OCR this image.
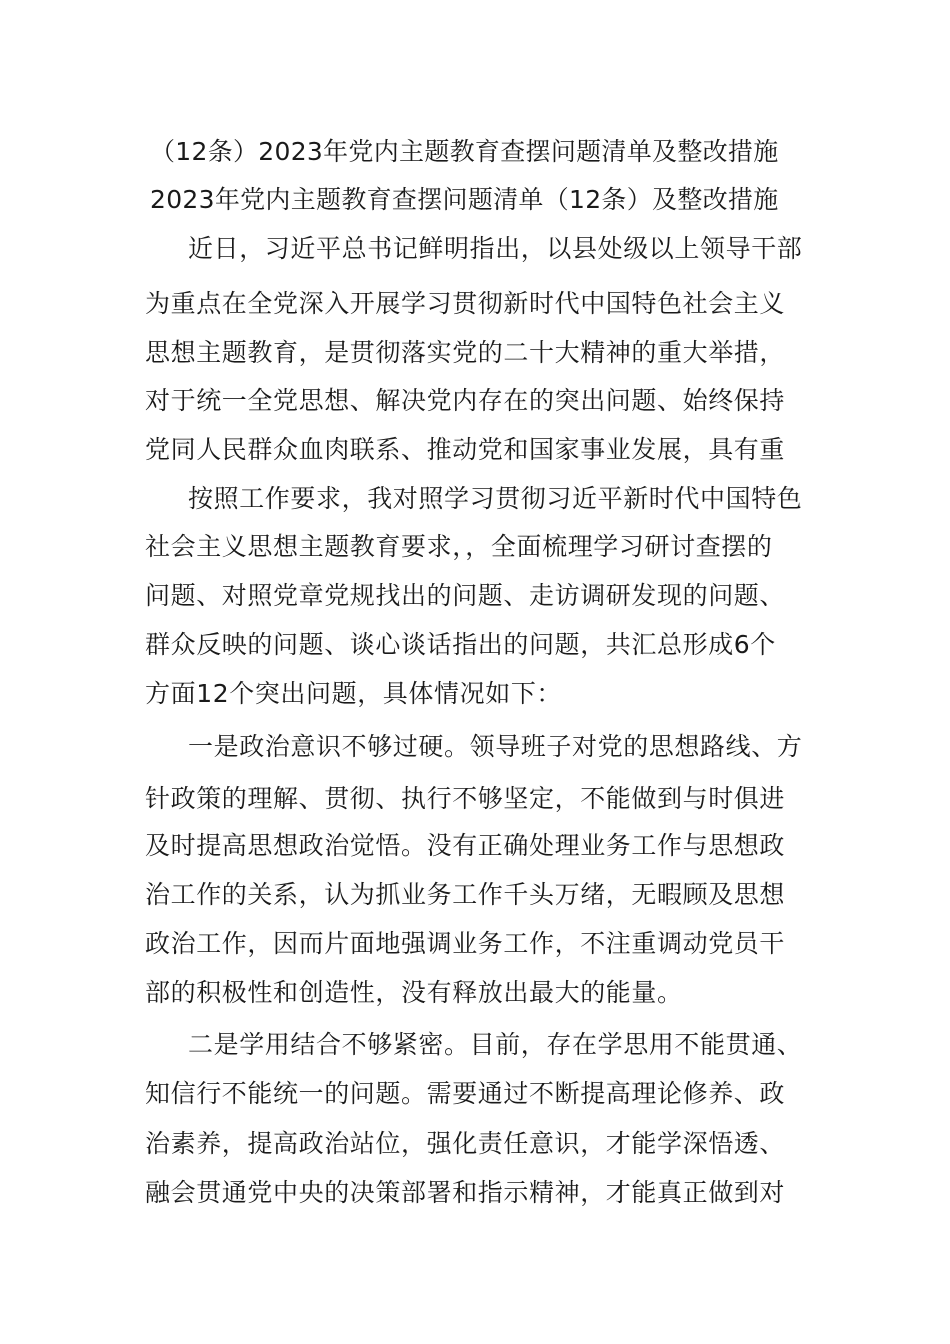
（12条）2023年党内主题教育查摆问题清单及整改措施
2023年党内主题教育查摆问题清单（12条）及整改措施
近日，习近平总书记鲜明指出，以县处级以上领导干部
为重点在全党深入开展学习贯彻新时代中国特色社会主义
思想主题教育，是贯彻落实党的二十大精神的重大举措，
对于统一全党思想、解决党内存在的突出问题、始终保持
党同人民群众血肉联系、推动党和国家事业发展，具有重
按照工作要求，我对照学习贯彻习近平新时代中国特色
社会主义思想主题教育要求，，全面梳理学习研讨查摆的
问题、对照党章党规找出的问题、走访调研发现的问题、
群众反映的问题、谈心谈话指出的问题，共汇总形成6个
方面12个突出问题，具体情况如下：
一是政治意识不够过硬。领导班子对党的思想路线、方
针政策的理解、贯彻、执行不够坚定，不能做到与时俱进
及时提高思想政治觉悟。没有正确处理业务工作与思想政
治工作的关系，认为抓业务工作千头万绪，无暇顾及思想
政治工作，因而片面地强调业务工作，不注重调动党员干
部的积极性和创造性，没有释放出最大的能量。
二是学用结合不够紧密。目前，存在学思用不能贯通、
知信行不能统一的问题。需要通过不断提高理论修养、政
治素养，提高政治站位，强化责任意识，才能学深悟透、
融会贯通党中央的决策部署和指示精神，才能真正做到对
